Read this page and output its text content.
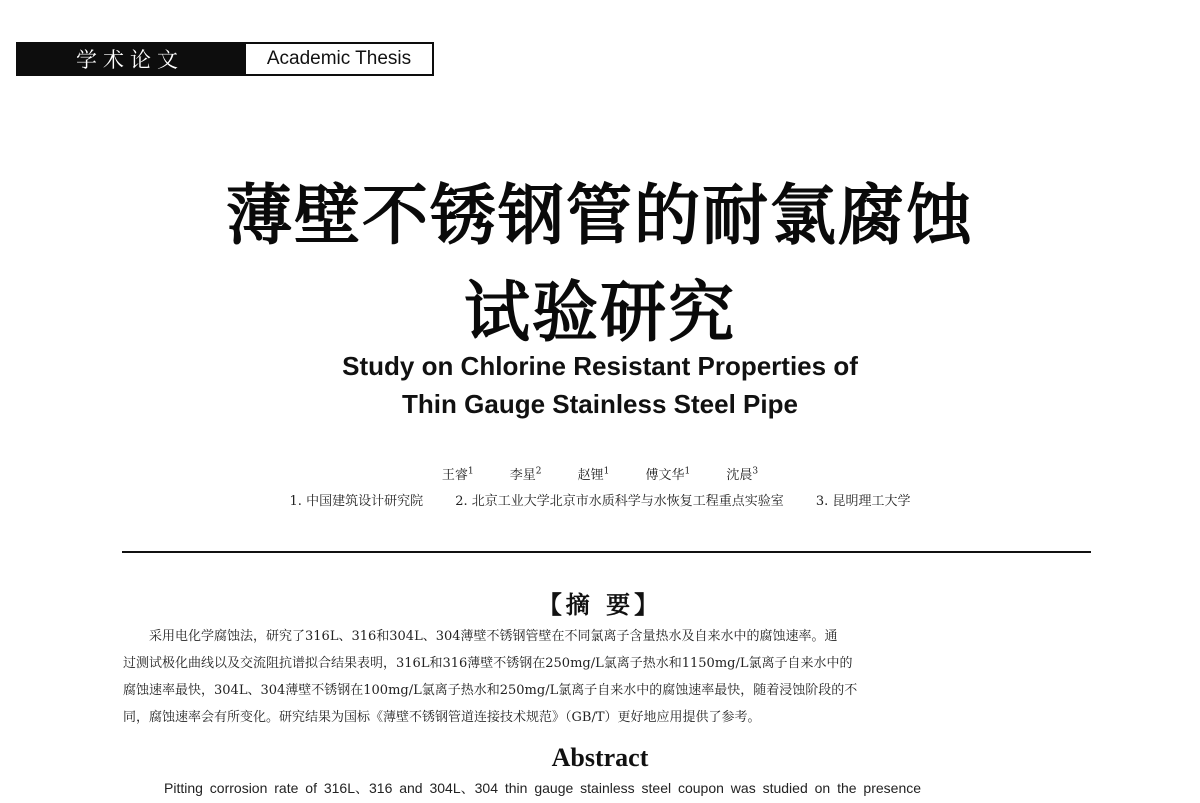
学术论文	Academic Thesis
薄壁不锈钢管的耐氯腐蚀
试验研究
Study on Chlorine Resistant Properties of
Thin Gauge Stainless Steel Pipe
王睿$^1$	李星$^2$	赵锂$^1$	傅文华$^1$	沈晨$^3$
1. 中国建筑设计研究院 2. 北京工业大学北京市水质科学与水恢复工程重点实验室 3. 昆明理工大学
【摘 要】
采用电化学腐蚀法，研究了316L、316和304L、304薄壁不锈钢管壁在不同氯离子含量热水及自来水中的腐蚀速率。通
过测试极化曲线以及交流阻抗谱拟合结果表明，316L和316薄壁不锈钢在250mg/L氯离子热水和1150mg/L氯离子自来水中的
腐蚀速率最快，304L、304薄壁不锈钢在100mg/L氯离子热水和250mg/L氯离子自来水中的腐蚀速率最快，随着浸蚀阶段的不
同，腐蚀速率会有所变化。研究结果为国标《薄壁不锈钢管道连接技术规范》（GB/T）更好地应用提供了参考。
Abstract
Pitting corrosion rate of 316L、316 and 304L、304 thin gauge stainless steel coupon was studied on the presence
